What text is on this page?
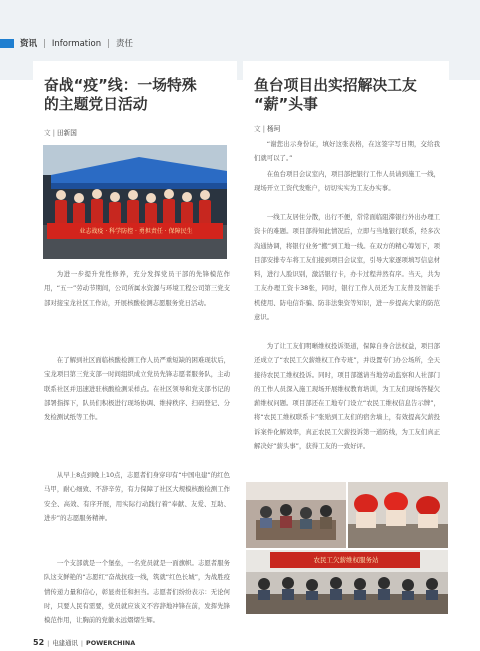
资讯 | Information | 责任
奋战“疫”线：一场特殊
的主题党日活动
文 | 田新国
业志战疫 · 科学防控 · 勇担责任 · 保障民生

为进一步提升党性修养，充分发挥党员干部的先锋模范作用，“五一”劳动节期间，公司所属水资源与环境工程公司第三党支部对接宝龙社区工作站，开展核酸检测志愿服务党日活动。

在了解到社区面临核酸检测工作人员严重短缺的困难现状后，宝龙项目第三党支部一时间组织成立党员先锋志愿者服务队，主动联系社区并迅速进驻核酸检测采样点。在社区领导和党支部书记的部署指挥下，队员们积极进行现场协调、维持秩序、扫码登记、分发检测试纸等工作。

从早上8点到晚上10点，志愿者们身穿印有“中国电建”的红色马甲，耐心细致、不辞辛劳，有力保障了社区大规模核酸检测工作安全、高效、有序开展，用实际行动践行着“奉献、友爱、互助、进步”的志愿服务精神。

一个支部就是一个堡垒，一名党员就是一面旗帜。志愿者服务队这支鲜艳的“志愿红”奋战抗疫一线，筑就“红色长城”，为战胜疫情传递力量和信心，彰显责任和担当。志愿者们纷纷表示：无论何时，只要人民有需要，党员就应该义不容辞地冲锋在前，发挥先锋模范作用，让胸前的党徽永远熠熠生辉。

鱼台项目出实招解决工友
“薪”头事
文 | 杨珂

“谢您出示身份证，填好这张表格，在这签字写日期，交给我们就可以了。”

在鱼台项目会议室内，项目部把银行工作人员请到施工一线，现场开立工资代发账户，切切实实为工友办实事。

一线工友居住分散，出行不便，常常面临阻滞银行外出办理工资卡的难题。项目部得知此情况后，立即与当地银行联系，经多次沟通协调，将银行业务“搬”到工地一线。在双方的精心筹划下，项目部安排专车将工友们接到项目会议室，引导大家逐项填写信息材料，进行人脸识别，激活银行卡，办卡过程井然有序。当天，共为工友办理工资卡38张，同时，银行工作人员还为工友普及智能手机使用、防电信诈骗、防非法集资等知识，进一步提高大家的防范意识。

为了让工友们明晰维权投诉渠道，保障自身合法权益，项目部还成立了“农民工欠薪维权工作专班”，并设置专门办公场所，全天接待农民工维权投诉。同时，项目部邀请当地劳动监察和人社部门的工作人员深入施工现场开展维权教育培训，为工友们现场答疑欠薪维权问题。项目部还在工地专门设立“农民工维权信息告示牌”，将“农民工维权联系卡”张贴到工友们的宿舍墙上，有效提高欠薪投诉案件化解效率，真正农民工欠薪投诉第一道防线，为工友们真正解决好“薪头事”，获得工友的一致好评。

农民工欠薪维权服务站
52 | 电建通讯 | POWERCHINA
